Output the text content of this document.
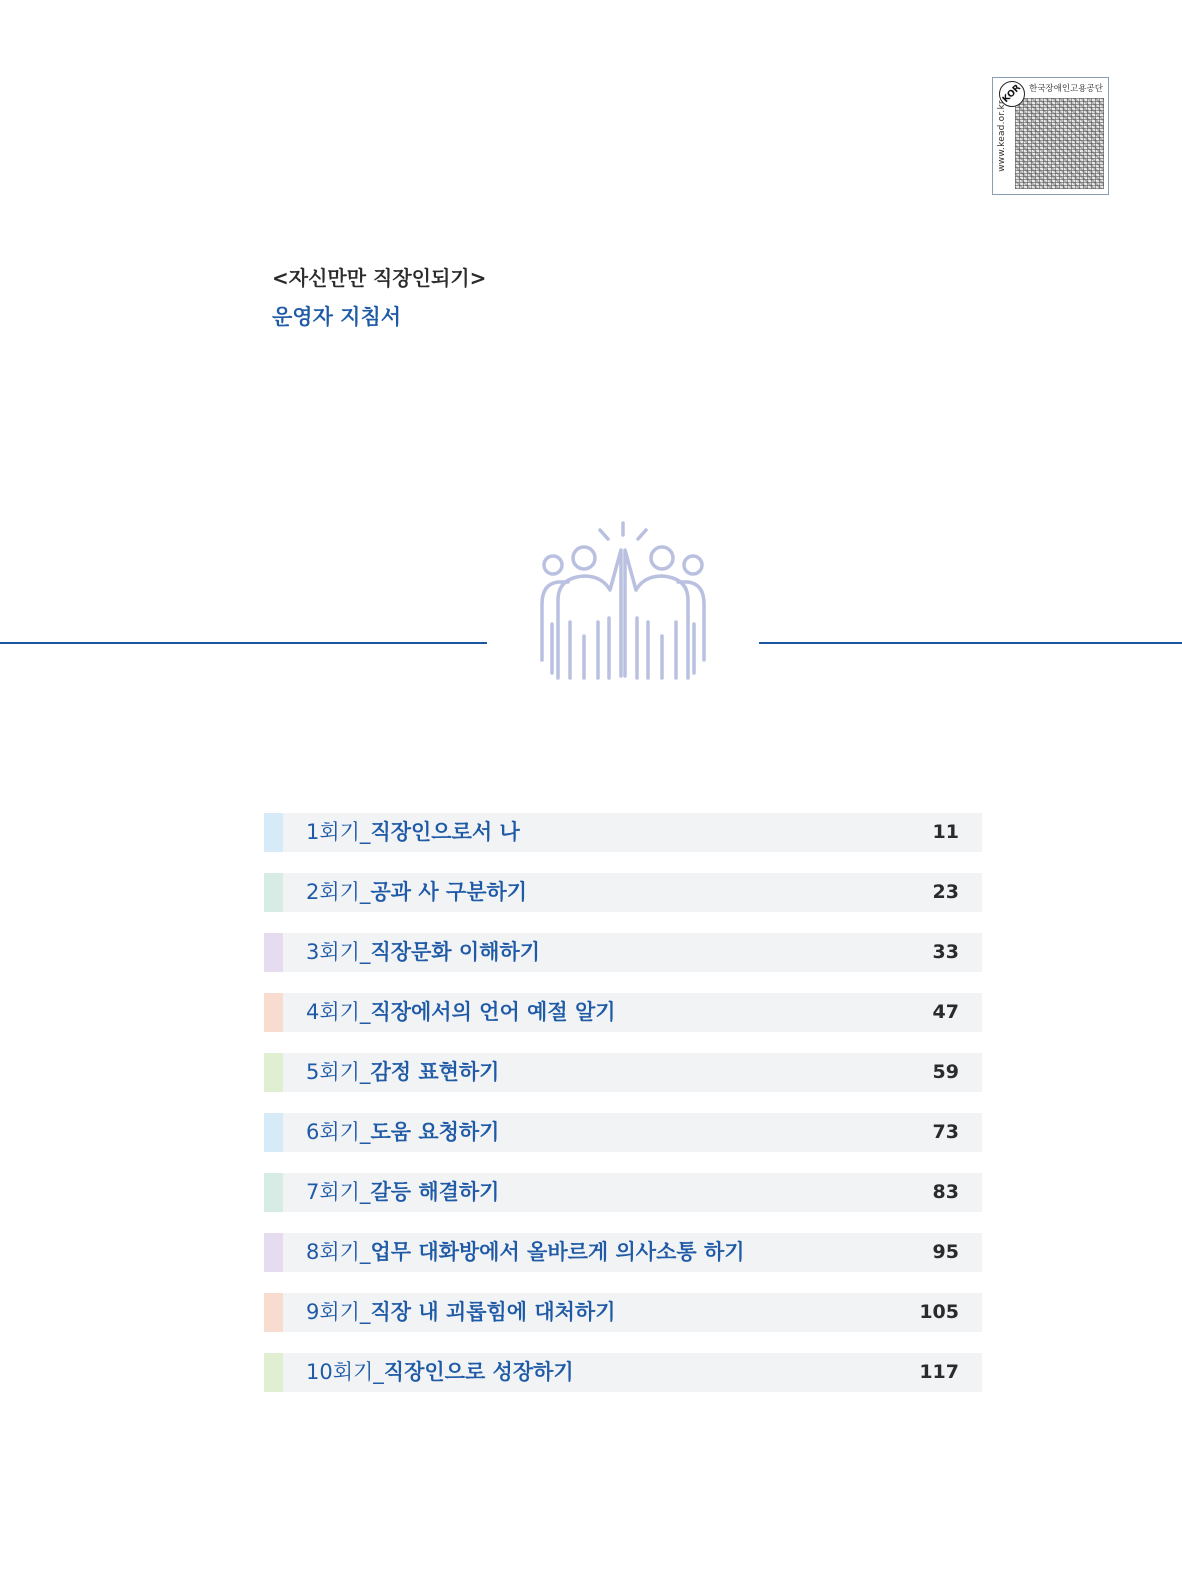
www.kead.or.kr
KOR 한국장애인고용공단
<자신만만 직장인되기>
운영자 지침서
1회기_직장인으로서 나	11
2회기_공과 사 구분하기	23
3회기_직장문화 이해하기	33
4회기_직장에서의 언어 예절 알기	47
5회기_감정 표현하기	59
6회기_도움 요청하기	73
7회기_갈등 해결하기	83
8회기_업무 대화방에서 올바르게 의사소통 하기	95
9회기_직장 내 괴롭힘에 대처하기	105
10회기_직장인으로 성장하기	117
